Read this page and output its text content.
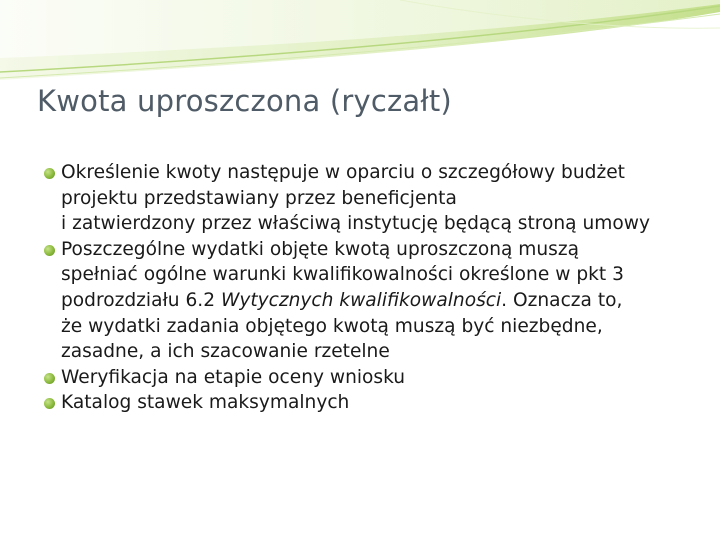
Kwota uproszczona (ryczałt)
Określenie kwoty następuje w oparciu o szczegółowy budżet
projektu przedstawiany przez beneficjenta
i zatwierdzony przez właściwą instytucję będącą stroną umowy
Poszczególne wydatki objęte kwotą uproszczoną muszą
spełniać ogólne warunki kwalifikowalności określone w pkt 3
podrozdziału 6.2 Wytycznych kwalifikowalności. Oznacza to,
że wydatki zadania objętego kwotą muszą być niezbędne,
zasadne, a ich szacowanie rzetelne
Weryfikacja na etapie oceny wniosku
Katalog stawek maksymalnych
